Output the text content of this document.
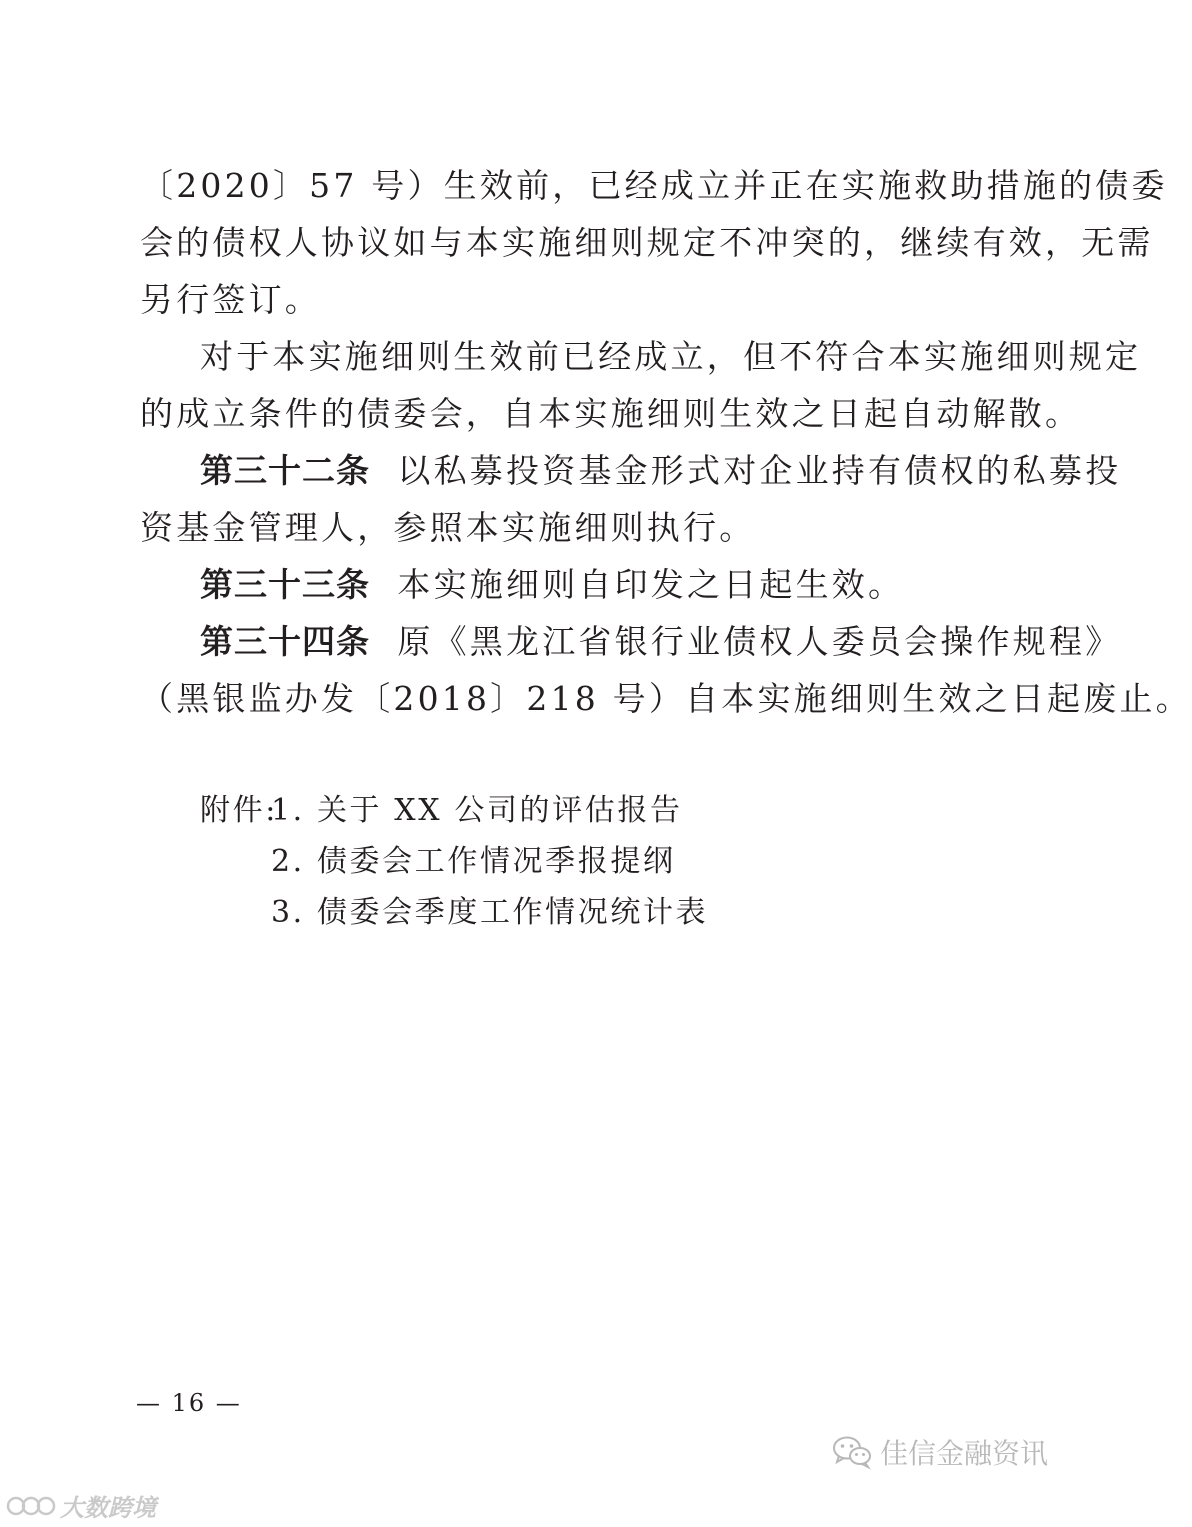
〔2020〕57 号）生效前，已经成立并正在实施救助措施的债委
会的债权人协议如与本实施细则规定不冲突的，继续有效，无需
另行签订。
对于本实施细则生效前已经成立，但不符合本实施细则规定
的成立条件的债委会，自本实施细则生效之日起自动解散。
第三十二条 以私募投资基金形式对企业持有债权的私募投
资基金管理人，参照本实施细则执行。
第三十三条 本实施细则自印发之日起生效。
第三十四条 原《黑龙江省银行业债权人委员会操作规程》
（黑银监办发〔2018〕218 号）自本实施细则生效之日起废止。
附件:
1. 关于 XX 公司的评估报告
2. 债委会工作情况季报提纲
3. 债委会季度工作情况统计表
— 16 —
佳信金融资讯
大数跨境
